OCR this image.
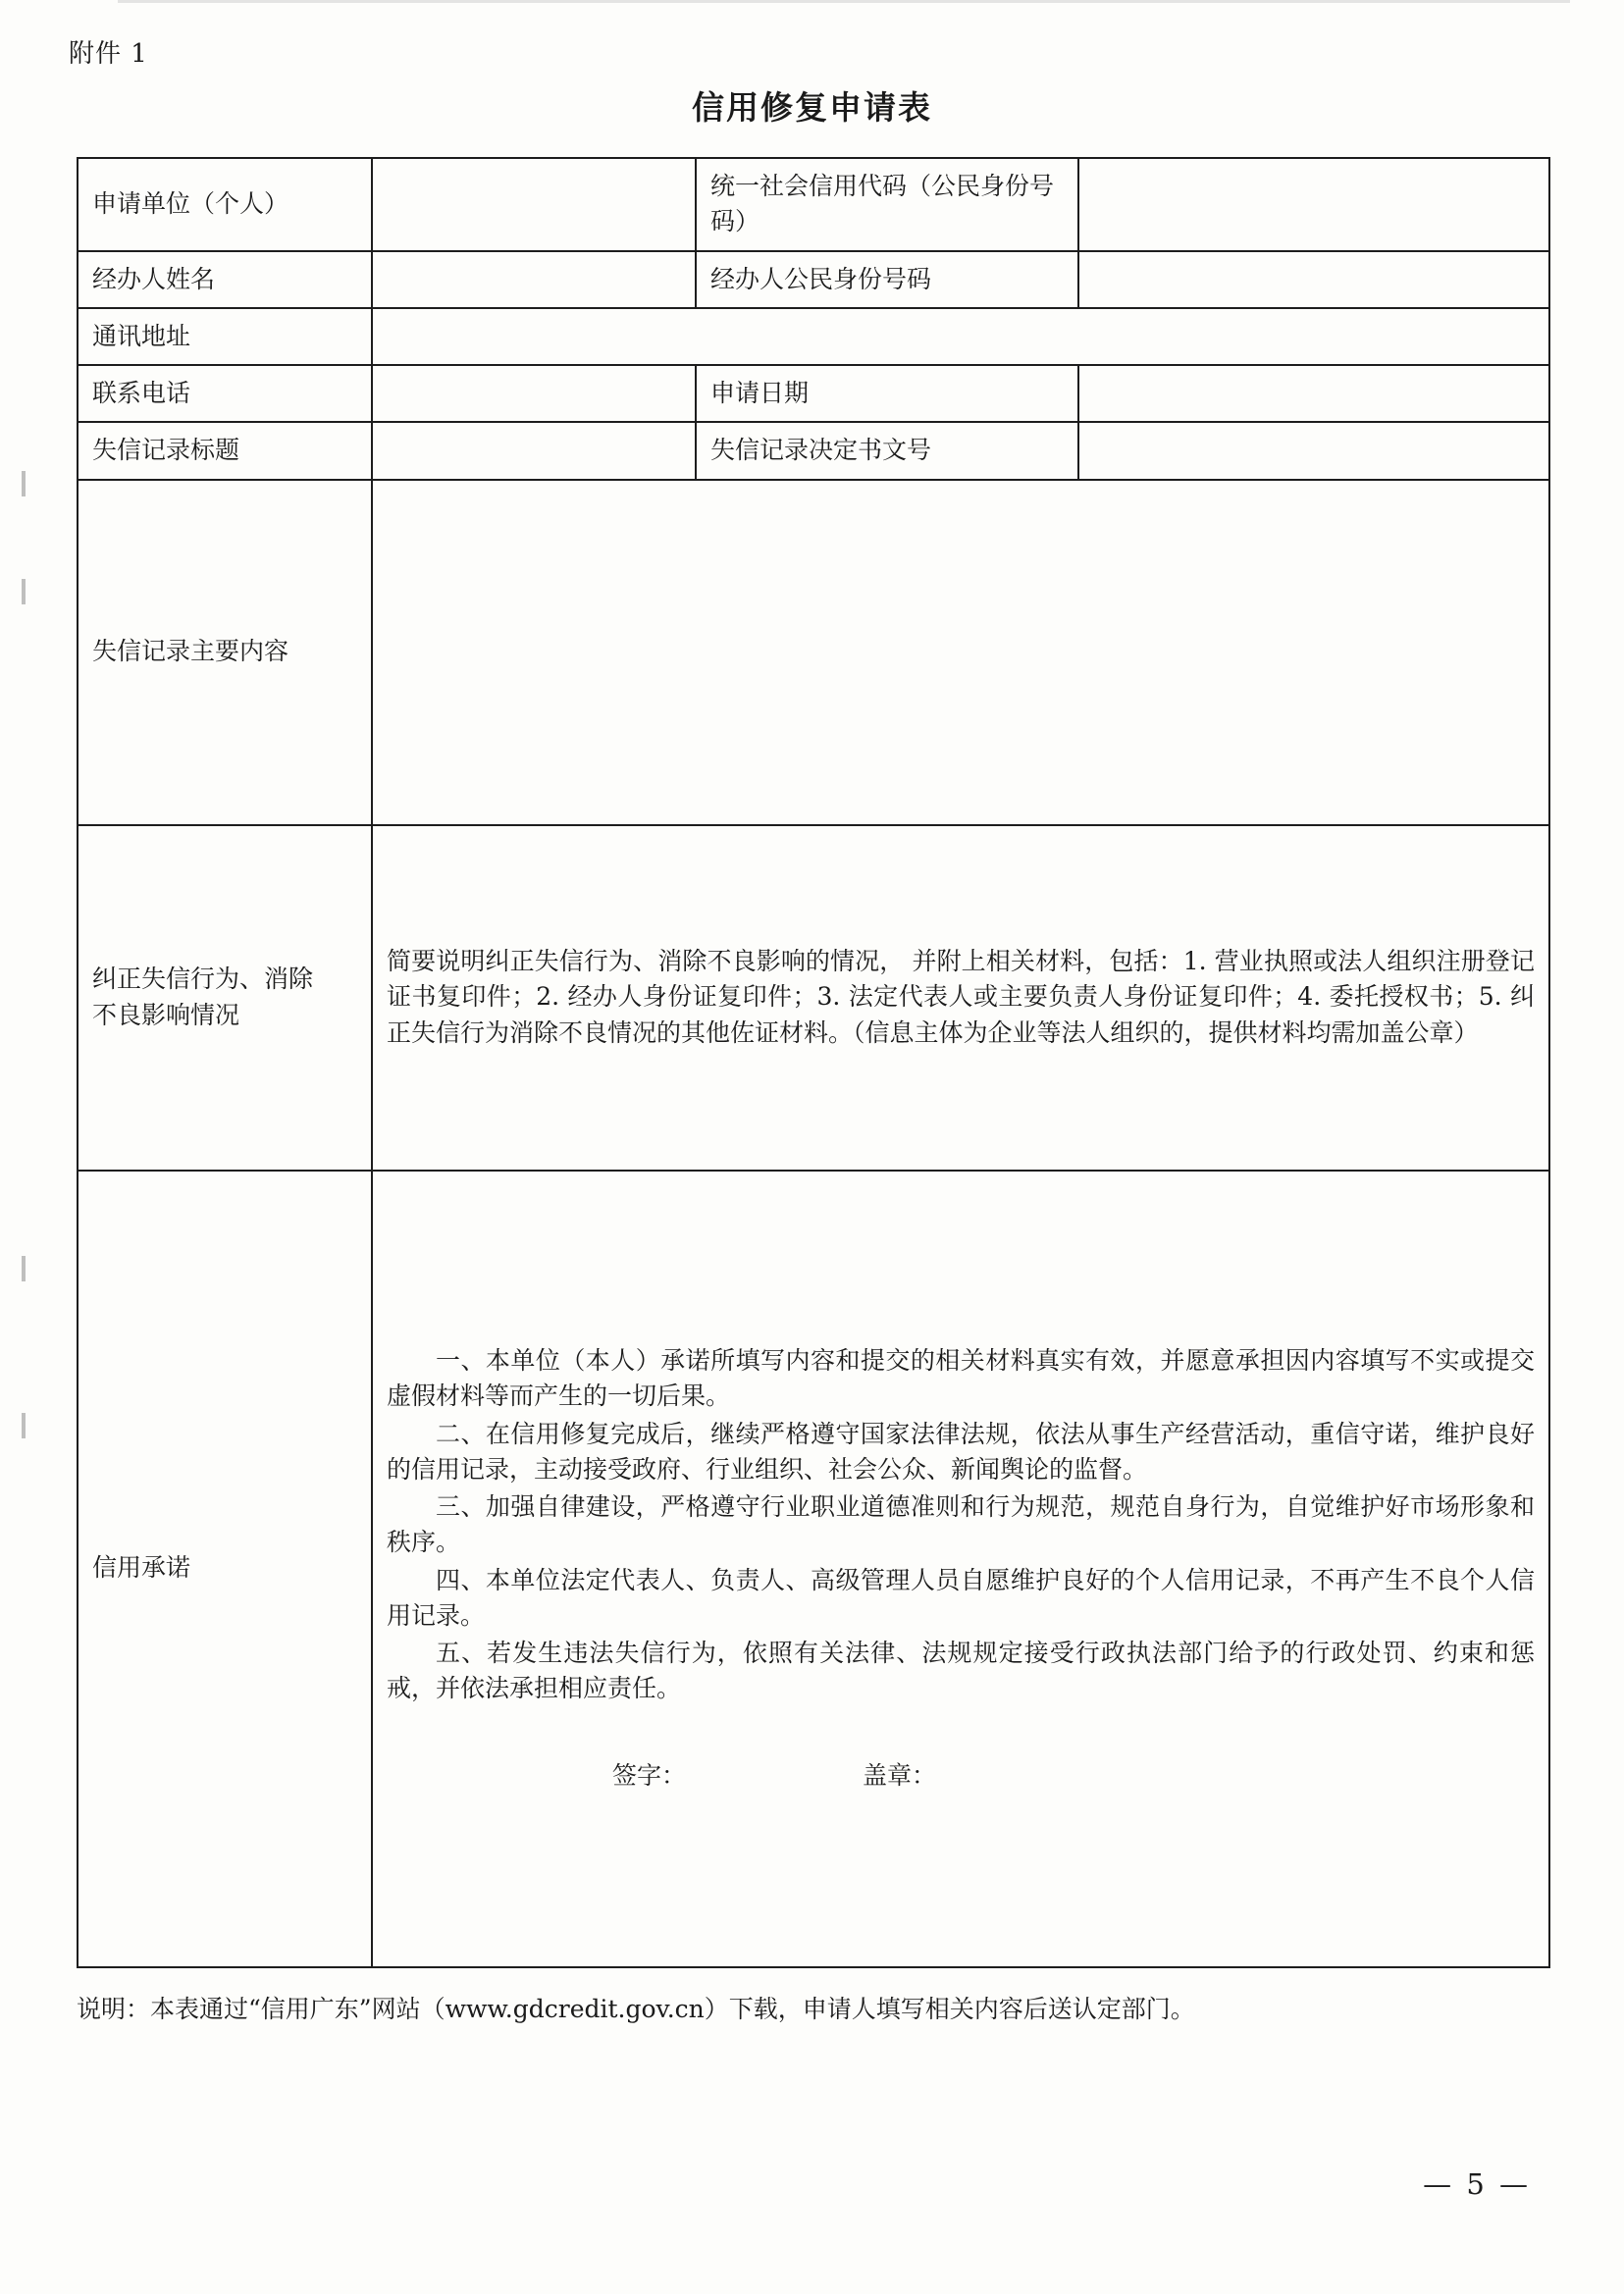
附件 1
信用修复申请表
申请单位（个人）		统一社会信用代码（公民身份号码）	
经办人姓名		经办人公民身份号码	
通讯地址			
联系电话		申请日期	
失信记录标题		失信记录决定书文号	
失信记录主要内容			

纠正失信行为、消除
不良影响情况	简要说明纠正失信行为、消除不良影响的情况， 并附上相关材料，包括：1. 营业执照或法人组织注册登记证书复印件；2. 经办人身份证复印件；3. 法定代表人或主要负责人身份证复印件；4. 委托授权书；5. 纠正失信行为消除不良情况的其他佐证材料。（信息主体为企业等法人组织的，提供材料均需加盖公章）		
信用承诺	

一、本单位（本人）承诺所填写内容和提交的相关材料真实有效，并愿意承担因内容填写不实或提交虚假材料等而产生的一切后果。

二、在信用修复完成后，继续严格遵守国家法律法规，依法从事生产经营活动，重信守诺，维护良好的信用记录，主动接受政府、行业组织、社会公众、新闻舆论的监督。

三、加强自律建设，严格遵守行业职业道德准则和行为规范，规范自身行为，自觉维护好市场形象和秩序。

四、本单位法定代表人、负责人、高级管理人员自愿维护良好的个人信用记录，不再产生不良个人信用记录。

五、若发生违法失信行为，依照有关法律、法规规定接受行政执法部门给予的行政处罚、约束和惩戒，并依法承担相应责任。

签字：	盖章：
说明：本表通过“信用广东”网站（www.gdcredit.gov.cn）下载，申请人填写相关内容后送认定部门。
— 5 —
